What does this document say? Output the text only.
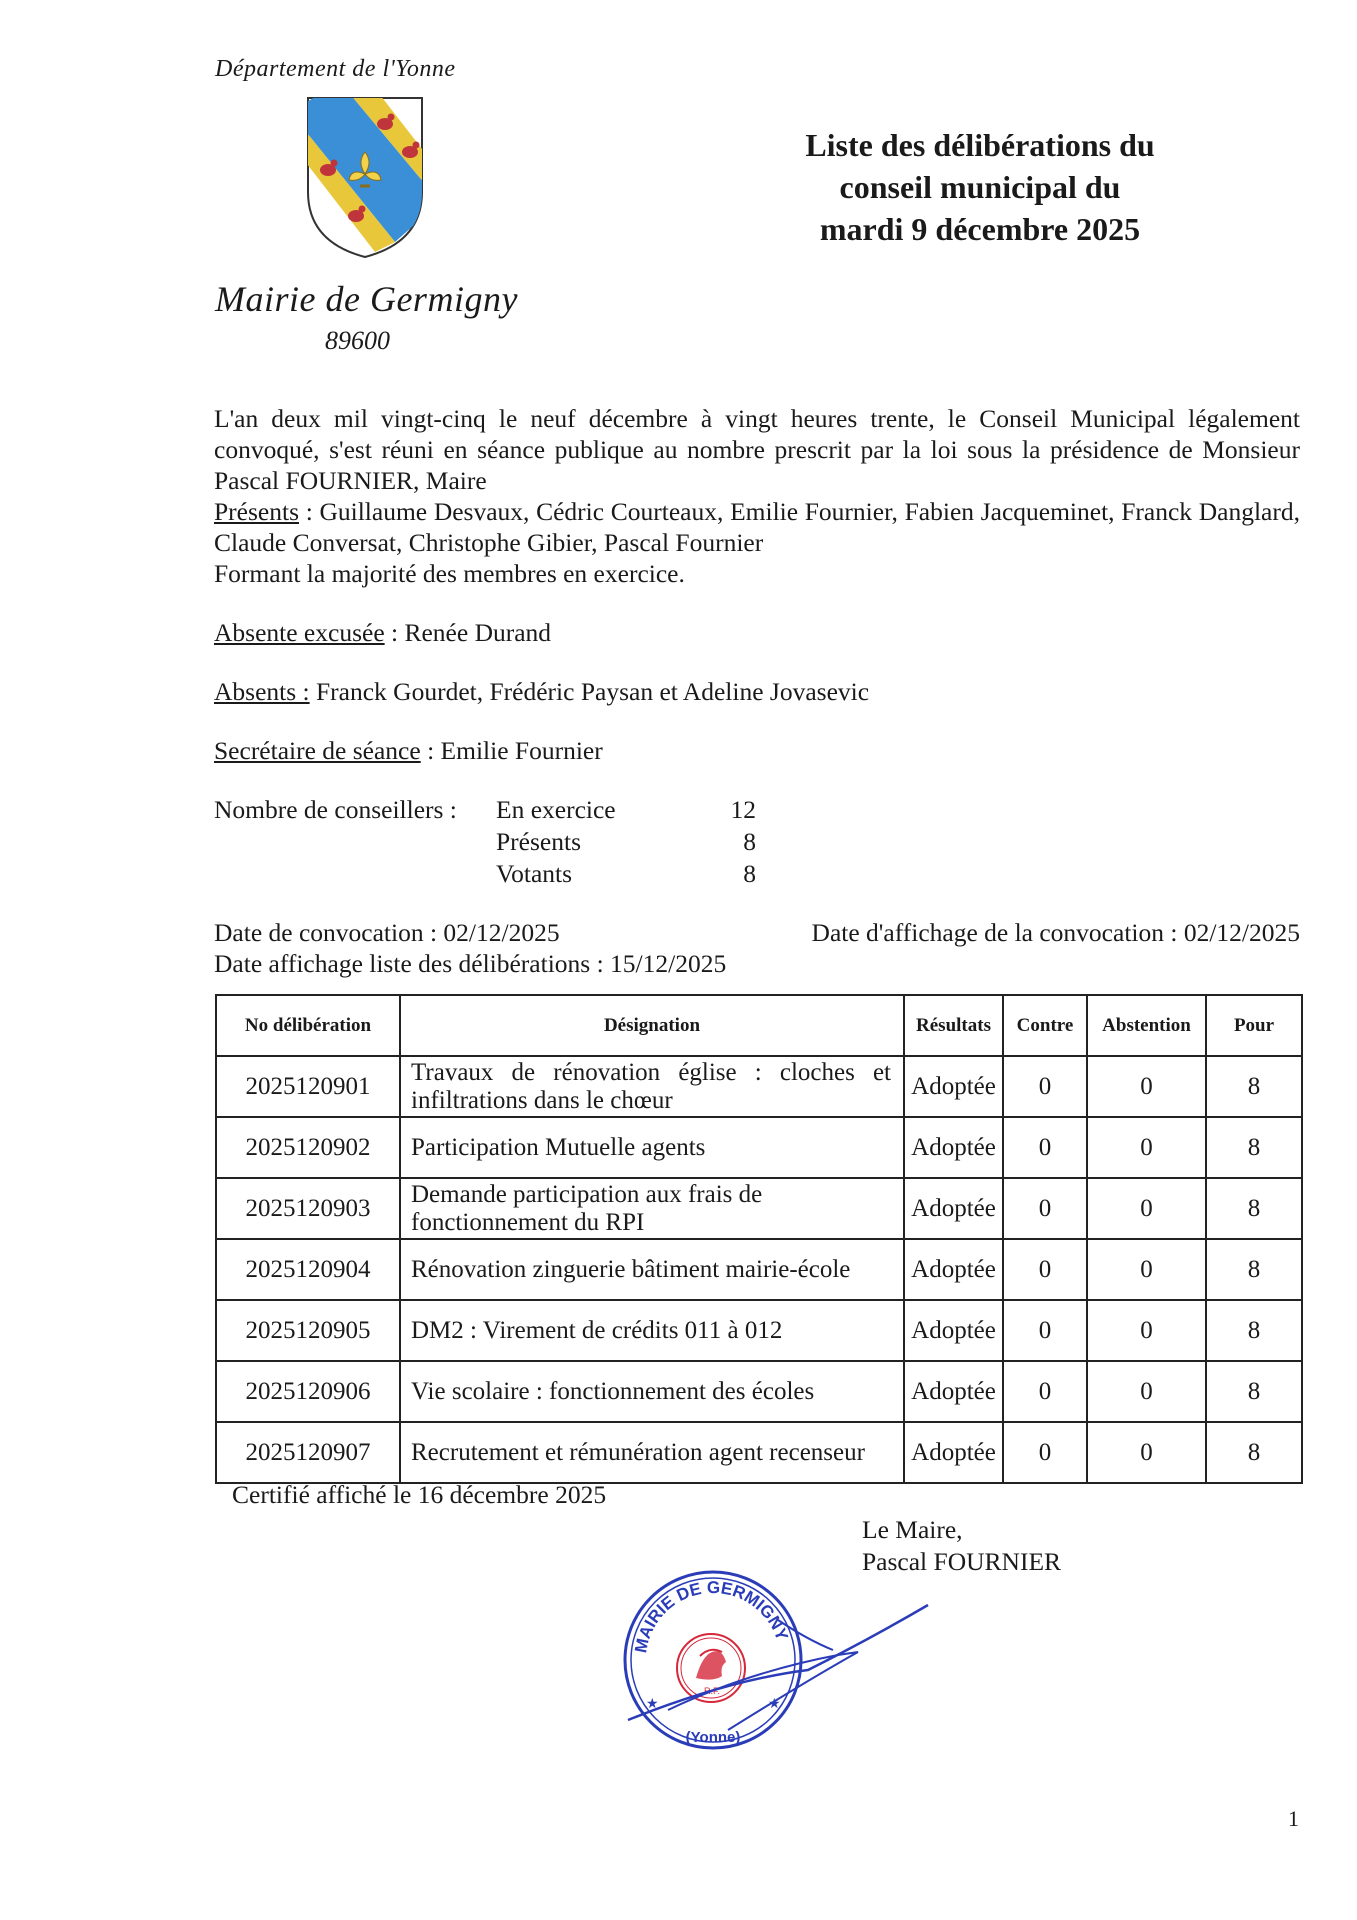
Département de l'Yonne
Mairie de Germigny
89600
Liste des délibérations du
conseil municipal du
mardi 9 décembre 2025
L'an deux mil vingt-cinq le neuf décembre à vingt heures trente, le Conseil Municipal légalement convoqué, s'est réuni en séance publique au nombre prescrit par la loi sous la présidence de Monsieur Pascal FOURNIER, Maire
Présents : Guillaume Desvaux, Cédric Courteaux, Emilie Fournier, Fabien Jacqueminet, Franck Danglard, Claude Conversat, Christophe Gibier, Pascal Fournier
Formant la majorité des membres en exercice.
Absente excusée : Renée Durand
Absents : Franck Gourdet, Frédéric Paysan et Adeline Jovasevic
Secrétaire de séance : Emilie Fournier
Nombre de conseillers :	En exercice	12
	Présents	8
	Votants	8
Date de convocation : 02/12/2025	Date d'affichage de la convocation : 02/12/2025
Date affichage liste des délibérations : 15/12/2025
No délibération	Désignation	Résultats	Contre	Abstention	Pour
2025120901	Travaux de rénovation église : cloches et infiltrations dans le chœur	Adoptée	0	0	8
2025120902	Participation Mutuelle agents	Adoptée	0	0	8
2025120903	Demande participation aux frais de fonctionnement du RPI	Adoptée	0	0	8
2025120904	Rénovation zinguerie bâtiment mairie-école	Adoptée	0	0	8
2025120905	DM2 : Virement de crédits 011 à 012	Adoptée	0	0	8
2025120906	Vie scolaire : fonctionnement des écoles	Adoptée	0	0	8
2025120907	Recrutement et rémunération agent recenseur	Adoptée	0	0	8
Certifié affiché le 16 décembre 2025
Le Maire,
Pascal FOURNIER
MAIRIE DE GERMIGNY
(Yonne)
★	★
R.F.
1
